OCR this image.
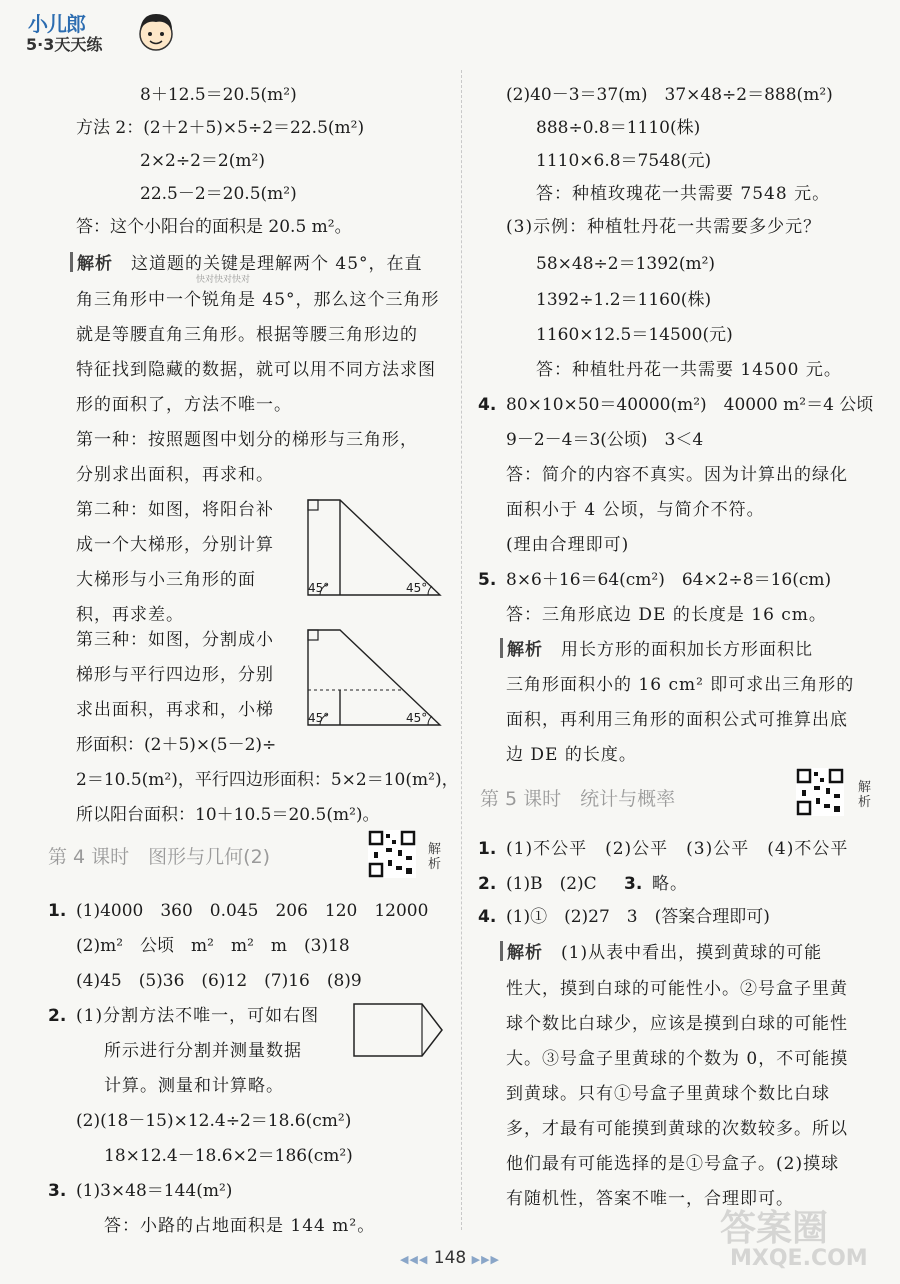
小儿郎
5·3天天练
8＋12.5＝20.5(m²)
方法 2：(2＋2＋5)×5÷2＝22.5(m²)
2×2÷2＝2(m²)
22.5－2＝20.5(m²)
答：这个小阳台的面积是 20.5 m²。
解析　 这道题的关键是理解两个 45°，在直
角三角形中一个锐角是 45°，那么这个三角形
就是等腰直角三角形。根据等腰三角形边的
特征找到隐藏的数据，就可以用不同方法求图
形的面积了，方法不唯一。
第一种：按照题图中划分的梯形与三角形，
分别求出面积，再求和。
第二种：如图，将阳台补
成一个大梯形，分别计算
大梯形与小三角形的面
积，再求差。
第三种：如图，分割成小
梯形与平行四边形，分别
求出面积，再求和，小梯
形面积：(2＋5)×(5－2)÷
2＝10.5(m²)，平行四边形面积：5×2＝10(m²)，
所以阳台面积：10＋10.5＝20.5(m²)。
45°	45°
45°	45°
第 4 课时　图形与几何(2)	解析
1. (1)4000　360　0.045　206　120　12000
(2)m²　公顷　m²　m²　m　(3)18
(4)45　(5)36　(6)12　(7)16　(8)9
2. (1)分割方法不唯一，可如右图
所示进行分割并测量数据
计算。测量和计算略。
(2)(18－15)×12.4÷2＝18.6(cm²)
18×12.4－18.6×2＝186(cm²)
3. (1)3×48＝144(m²)
答：小路的占地面积是 144 m²。
(2)40－3＝37(m)　37×48÷2＝888(m²)
888÷0.8＝1110(株)
1110×6.8＝7548(元)
答：种植玫瑰花一共需要 7548 元。
(3)示例：种植牡丹花一共需要多少元？
58×48÷2＝1392(m²)
1392÷1.2＝1160(株)
1160×12.5＝14500(元)
答：种植牡丹花一共需要 14500 元。
4. 80×10×50＝40000(m²)　40000 m²＝4 公顷
9－2－4＝3(公顷)　3＜4
答：简介的内容不真实。因为计算出的绿化
面积小于 4 公顷，与简介不符。
(理由合理即可)
5. 8×6＋16＝64(cm²)　64×2÷8＝16(cm)
答：三角形底边 DE 的长度是 16 cm。
解析　 用长方形的面积加长方形面积比
三角形面积小的 16 cm² 即可求出三角形的
面积，再利用三角形的面积公式可推算出底
边 DE 的长度。
第 5 课时　统计与概率
解析
1. (1)不公平　(2)公平　(3)公平　(4)不公平
2. (1)B　(2)C 3. 略。
4. (1)①　(2)27　3　(答案合理即可)
解析　 (1)从表中看出，摸到黄球的可能
性大，摸到白球的可能性小。②号盒子里黄
球个数比白球少，应该是摸到白球的可能性
大。③号盒子里黄球的个数为 0，不可能摸
到黄球。只有①号盒子里黄球个数比白球
多，才最有可能摸到黄球的次数较多。所以
他们最有可能选择的是①号盒子。(2)摸球
有随机性，答案不唯一，合理即可。
快对快对快对
答案圈
MXQE.COM
◀◀◀ 148 ▶▶▶
